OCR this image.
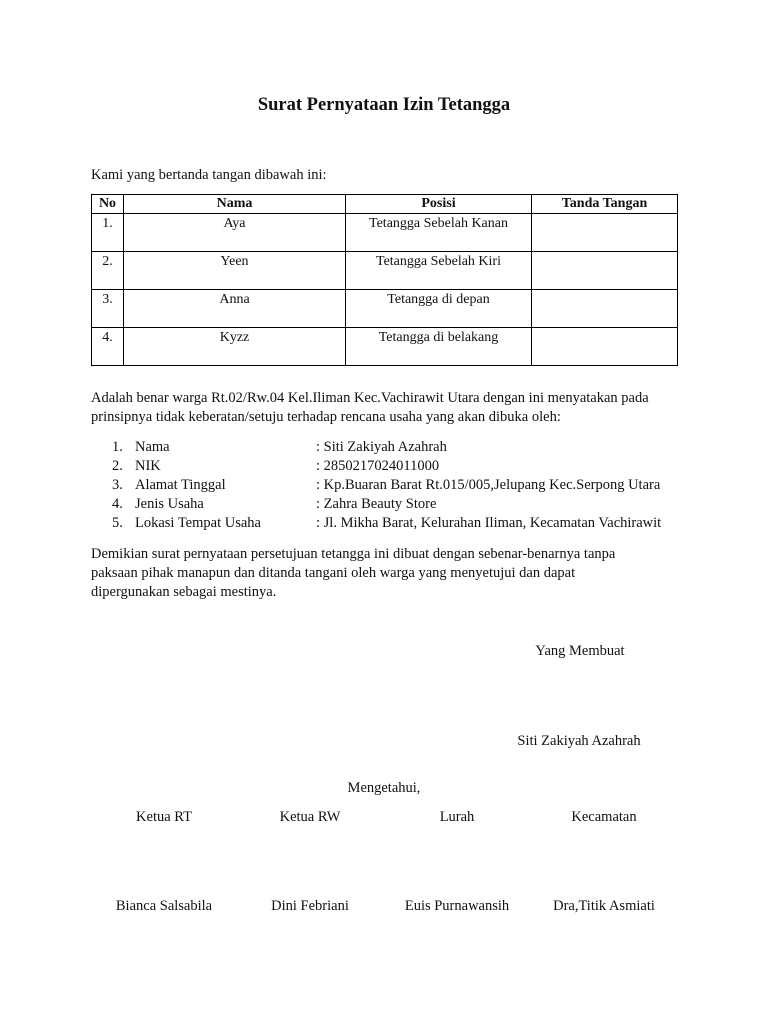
Surat Pernyataan Izin Tetangga
Kami yang bertanda tangan dibawah ini:
No	Nama	Posisi	Tanda Tangan
1.	Aya	Tetangga Sebelah Kanan	
2.	Yeen	Tetangga Sebelah Kiri	
3.	Anna	Tetangga di depan	
4.	Kyzz	Tetangga di belakang	
Adalah benar warga Rt.02/Rw.04 Kel.Iliman Kec.Vachirawit Utara dengan ini menyatakan pada
prinsipnya tidak keberatan/setuju terhadap rencana usaha yang akan dibuka oleh:
1. Nama	: Siti Zakiyah Azahrah
2. NIK	: 2850217024011000
3. Alamat Tinggal	: Kp.Buaran Barat Rt.015/005,Jelupang Kec.Serpong Utara
4. Jenis Usaha	: Zahra Beauty Store
5. Lokasi Tempat Usaha	: Jl. Mikha Barat, Kelurahan Iliman, Kecamatan Vachirawit
Demikian surat pernyataan persetujuan tetangga ini dibuat dengan sebenar-benarnya tanpa
paksaan pihak manapun dan ditanda tangani oleh warga yang menyetujui dan dapat
dipergunakan sebagai mestinya.
Yang Membuat
Siti Zakiyah Azahrah
Mengetahui,
Ketua RT	Ketua RW	Lurah	Kecamatan
Bianca Salsabila	Dini Febriani	Euis Purnawansih	Dra,Titik Asmiati
